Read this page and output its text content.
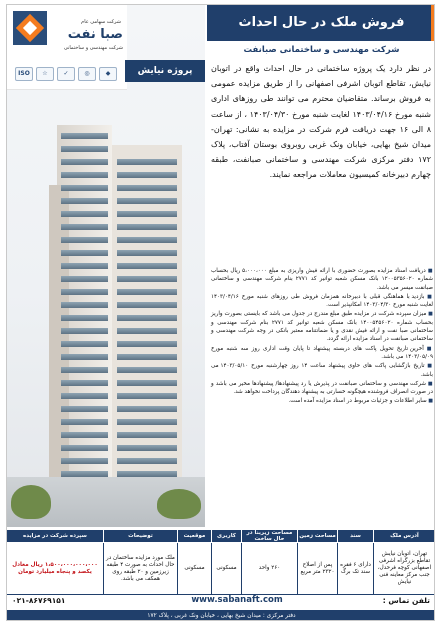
ISO	☆	✓	◎	◆
شرکت سهامی عام
صبا نفت
شرکت مهندسی و ساختمانی
پروژه نیایش
فروش ملک در حال احداث
شرکت مهندسی و ساختمانی صبانفت
در نظر دارد یک پروژه ساختمانی در حال احداث واقع در اتوبان نیایش، تقاطع اتوبان اشرفی اصفهانی را از طریق مزایده عمومی به فروش برساند. متقاضیان محترم می توانند طی روزهای اداری شنبه مورخ ۱۴۰۳/۰۴/۱۶ لغایت شنبه مورخ ۱۴۰۳/۰۴/۳۰ ، از ساعت ۸ الی ۱۶ جهت دریافت فرم شرکت در مزایده به نشانی: تهران- میدان شیخ بهایی، خیابان ونک غربی روبروی بوستان آفتاب، پلاک ۱۷۲ دفتر مرکزی شرکت مهندسی و ساختمانی صبانفت، طبقه چهارم دبیرخانه کمیسیون معاملات مراجعه نمایند.
■ دریافت اسناد مزایده بصورت حضوری با ارائه فیش واریزی به مبلغ ۵،۰۰۰،۰۰۰ ریال بحساب شماره ۱۲۰۰۵۳۵۶۰۲۰ بانک مسکن شعبه توانیر کد ۲۷۷۱ بنام شرکت مهندسی و ساختمانی صبانفت میسر می باشد.
■ بازدید با هماهنگی قبلی با دبیرخانه همزمان فروش طی روزهای شنبه مورخ ۱۴۰۳/۰۴/۱۶ لغایت شنبه مورخ ۱۴۰۳/۰۴/۳۰ امکانپذیر است.
■ میزان سپرده شرکت در مزایده طبق مبلغ مندرج در جدول می باشد که بایستی بصورت واریز بحساب شماره ۱۴۰۰۵۴۵۶۰۲۰ بانک مسکن شعبه توانیر کد ۲۷۷۱ بنام شرکت مهندسی و ساختمانی صبا نفت و ارائه فیش نقدی و یا ضمانتنامه معتبر بانکی در وجه شرکت مهندسی و ساختمانی صبانفت در اسناد مزایده ارائه گردد.
■ آخرین تاریخ تحویل پاکت های دربسته پیشنهاد تا پایان وقت اداری روز سه شنبه مورخ ۱۴۰۳/۰۵/۰۹ می باشد.
■ تاریخ بازگشایی پاکت های حاوی پیشنهاد ساعت ۱۴ روز چهارشنبه مورخ ۱۴۰۳/۰۵/۱۰ می باشد.
■ شرکت مهندسی و ساختمانی صبانفت در پذیرش یا رد پیشنهادها/ پیشنهادها مخیر می باشد و در صورت انصراف فروشنده هیچگونه خسارتی به پیشنهاد دهندگان پرداخت نخواهد شد.
■ سایر اطلاعات و جزئیات مربوط در اسناد مزایده آمده است.
آدرس ملک	سند	مساحت زمین	مساحت زیربنا در حال ساخت	کاربری	موقعیت	توضیحات	سپرده شرکت در مزایده
تهران، اتوبان نیایش تقاطع بزرگراه اشرفی اصفهانی کوچه فرحدل، جنب مرکز معاینه فنی نیایش	دارای ۶ فقره سند تک برگ	پس از اصلاح ۲۳۲۰ متر مربع	۲۶۰ واحد	مسکونی	مسکونی	ملک مورد مزایده ساختمان در حال احداث به صورت ۴ طبقه زیرزمین و ۲۰ طبقه روی همکف می باشد.	۱،۵۰۰،۰۰۰،۰۰۰،۰۰۰ ریال معادل یکصد و پنجاه میلیارد تومان
تلفن تماس :
۰۲۱-۸۶۷۶۹۱۵۱	www.sabanaft.com
دفتر مرکزی : میدان شیخ بهایی ، خیابان ونک غربی ، پلاک ۱۷۲
